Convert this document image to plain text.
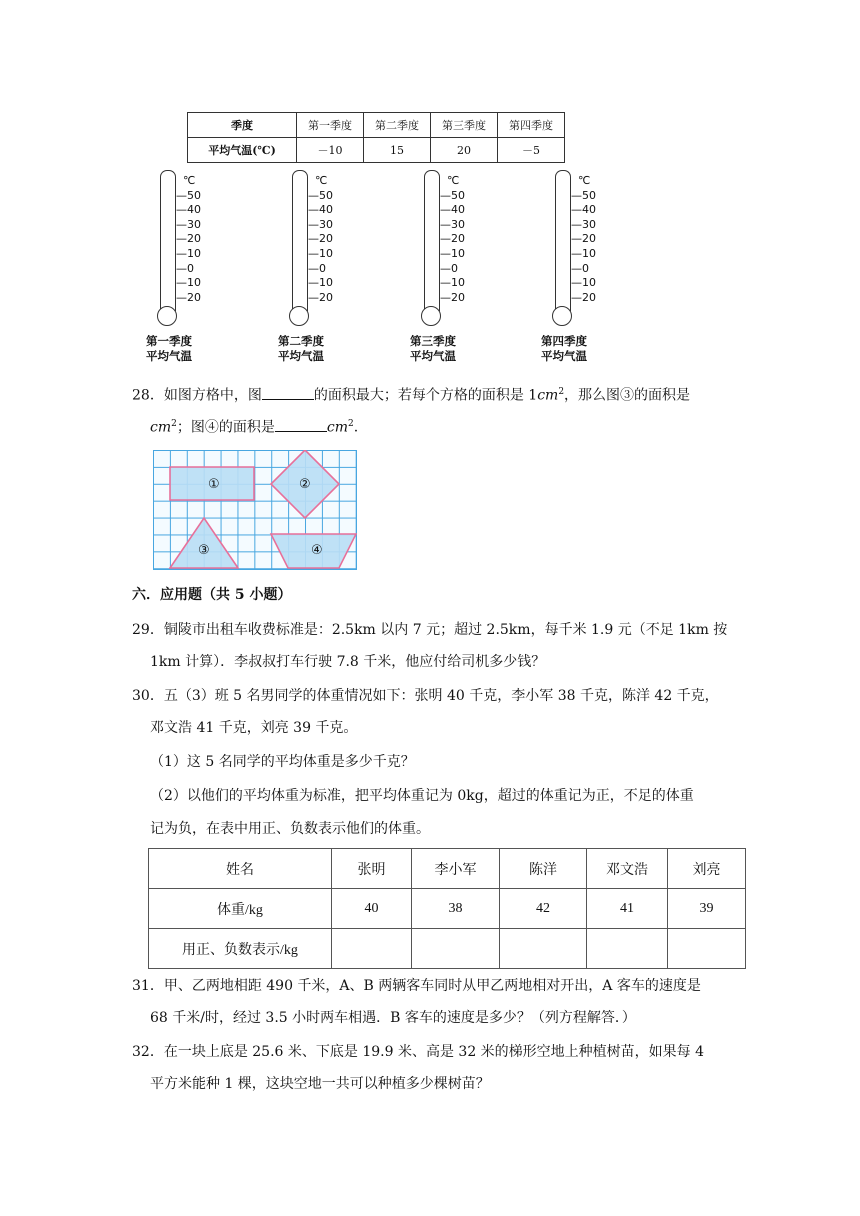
季度	第一季度	第二季度	第三季度	第四季度
平均气温(℃)	－10	15	20	－5
℃
—50
—40
—30
—20
—10
—0
—10
—20
第一季度
平均气温
℃
—50
—40
—30
—20
—10
—0
—10
—20
第二季度
平均气温
℃
—50
—40
—30
—20
—10
—0
—10
—20
第三季度
平均气温
℃
—50
—40
—30
—20
—10
—0
—10
—20
第四季度
平均气温
28．如图方格中，图	的面积最大；若每个方格的面积是 $1cm^2$，那么图③的面积是
$cm^2$；图④的面积是	$cm^2$.
①	②
③	④
六．应用题（共 5 小题）
29．铜陵市出租车收费标准是：2.5km 以内 7 元；超过 2.5km，每千米 1.9 元（不足 1km 按
1km 计算）．李叔叔打车行驶 7.8 千米，他应付给司机多少钱？
30．五（3）班 5 名男同学的体重情况如下：张明 40 千克，李小军 38 千克，陈洋 42 千克，
邓文浩 41 千克，刘亮 39 千克。
（1）这 5 名同学的平均体重是多少千克？
（2）以他们的平均体重为标准，把平均体重记为 0kg，超过的体重记为正，不足的体重
记为负，在表中用正、负数表示他们的体重。
姓名	张明	李小军	陈洋	邓文浩	刘亮
体重/kg	40	38	42	41	39
用正、负数表示/kg					
31．甲、乙两地相距 490 千米，A、B 两辆客车同时从甲乙两地相对开出，A 客车的速度是
68 千米/时，经过 3.5 小时两车相遇．B 客车的速度是多少？（列方程解答．）
32．在一块上底是 25.6 米、下底是 19.9 米、高是 32 米的梯形空地上种植树苗，如果每 4
平方米能种 1 棵，这块空地一共可以种植多少棵树苗？
